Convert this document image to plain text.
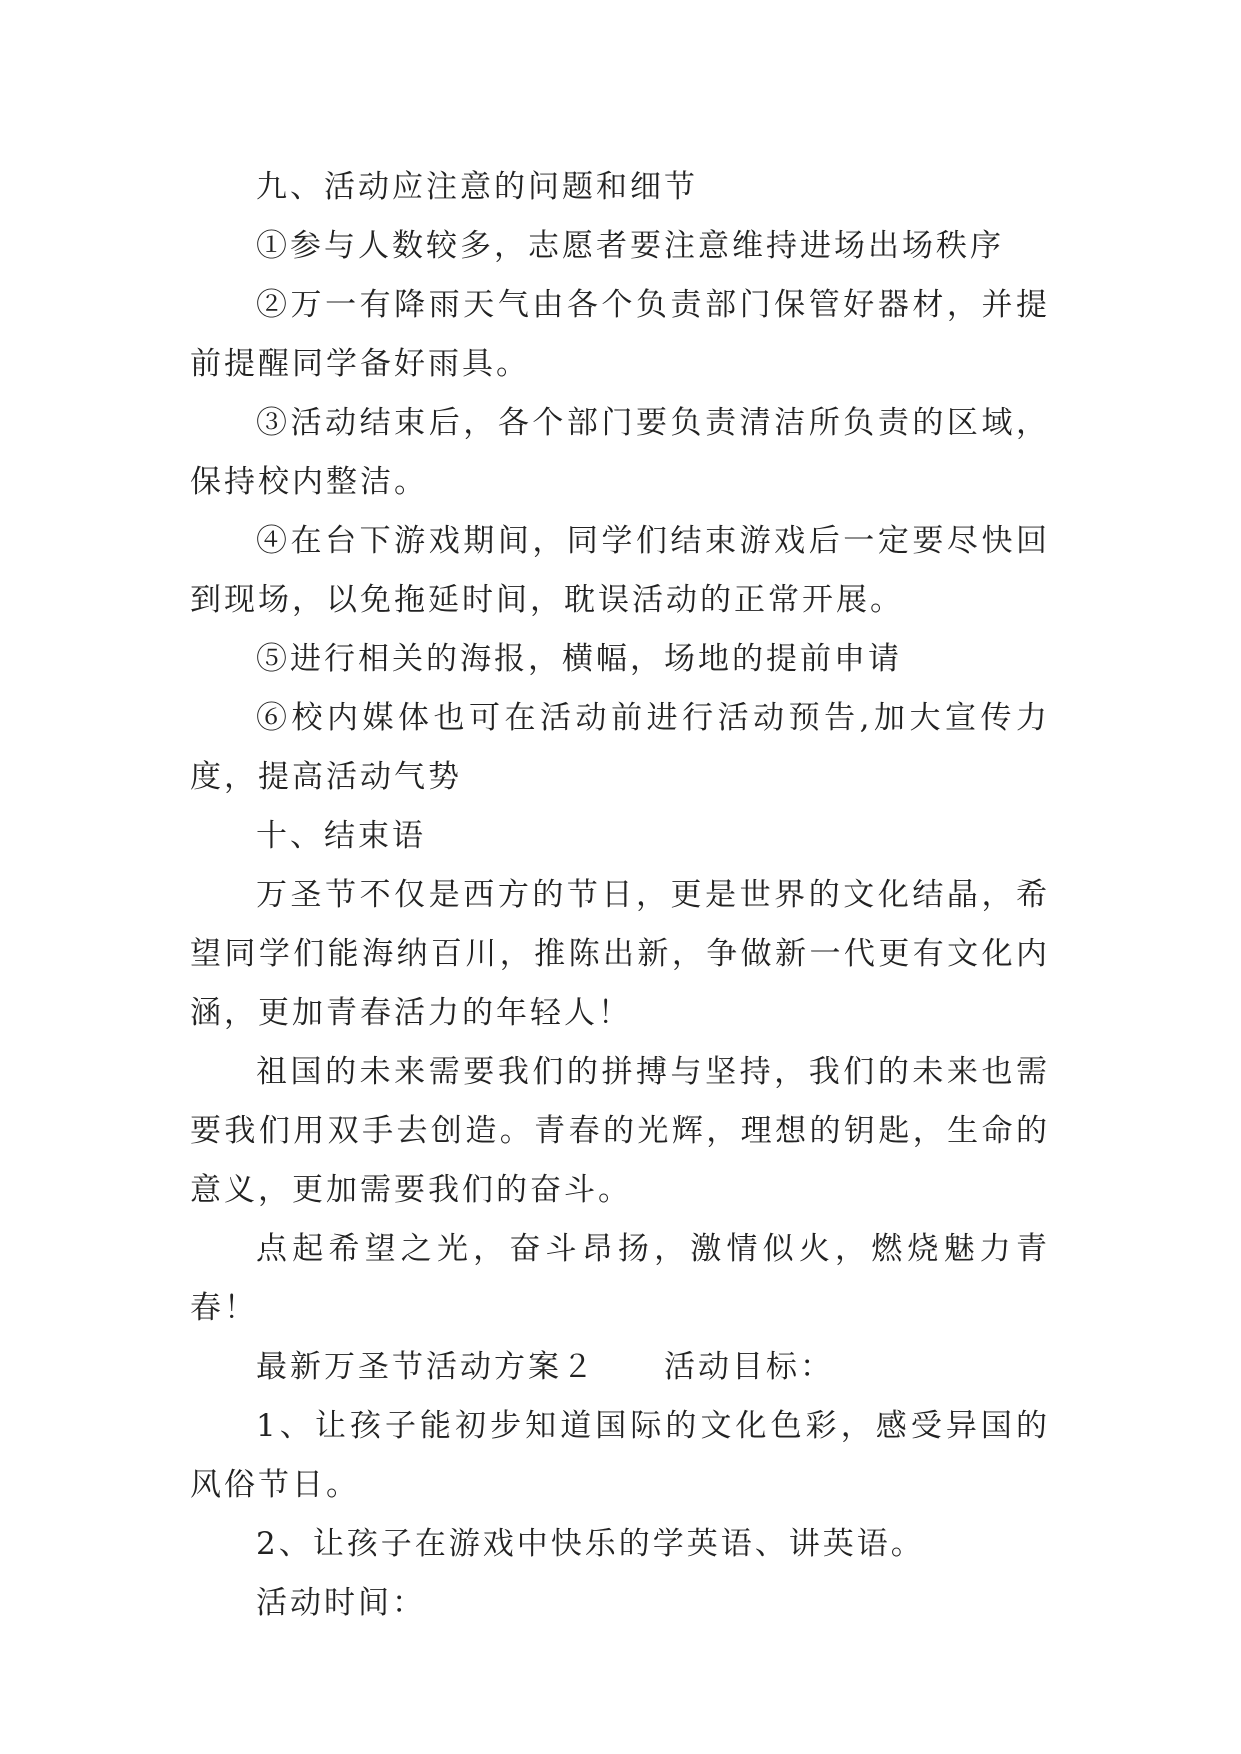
九、活动应注意的问题和细节

①参与人数较多，志愿者要注意维持进场出场秩序

②万一有降雨天气由各个负责部门保管好器材，并提前提醒同学备好雨具。

③活动结束后，各个部门要负责清洁所负责的区域，保持校内整洁。

④在台下游戏期间，同学们结束游戏后一定要尽快回到现场，以免拖延时间，耽误活动的正常开展。

⑤进行相关的海报，横幅，场地的提前申请

⑥校内媒体也可在活动前进行活动预告,加大宣传力度，提高活动气势

十、结束语

万圣节不仅是西方的节日，更是世界的文化结晶，希望同学们能海纳百川，推陈出新，争做新一代更有文化内涵，更加青春活力的年轻人！

祖国的未来需要我们的拼搏与坚持，我们的未来也需要我们用双手去创造。青春的光辉，理想的钥匙，生命的意义，更加需要我们的奋斗。

点起希望之光，奋斗昂扬，激情似火，燃烧魅力青春！

最新万圣节活动方案２　　活动目标：

1、让孩子能初步知道国际的文化色彩，感受异国的风俗节日。

2、让孩子在游戏中快乐的学英语、讲英语。

活动时间：
